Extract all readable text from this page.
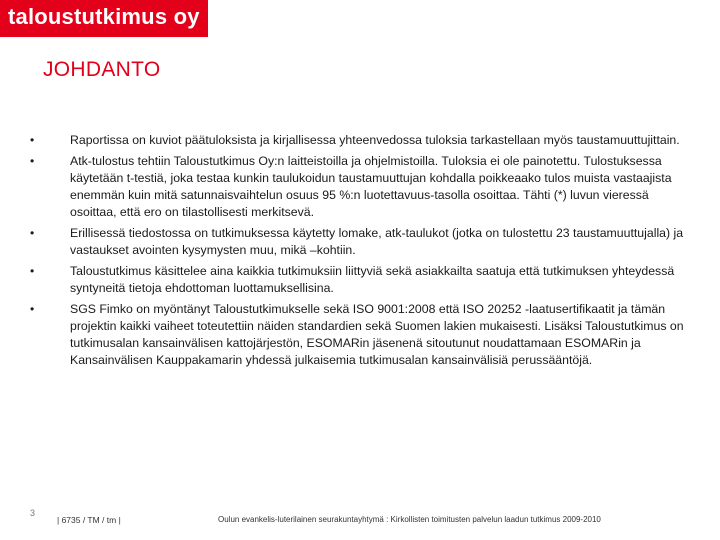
taloustutkimus oy
JOHDANTO
•	Raportissa on kuviot päätuloksista ja kirjallisessa yhteenvedossa tuloksia tarkastellaan myös taustamuuttujittain.
•	Atk-tulostus tehtiin Taloustutkimus Oy:n laitteistoilla ja ohjelmistoilla. Tuloksia ei ole painotettu. Tulostuksessa käytetään t-testiä, joka testaa kunkin taulukoidun taustamuuttujan kohdalla poikkeaako tulos muista vastaajista enemmän kuin mitä satunnaisvaihtelun osuus 95 %:n luotettavuus-tasolla osoittaa. Tähti (*) luvun vieressä osoittaa, että ero on tilastollisesti merkitsevä.
•	Erillisessä tiedostossa on tutkimuksessa käytetty lomake, atk-taulukot (jotka on tulostettu 23 taustamuuttujalla) ja vastaukset avointen kysymysten muu, mikä –kohtiin.
•	Taloustutkimus käsittelee aina kaikkia tutkimuksiin liittyviä sekä asiakkailta saatuja että tutkimuksen yhteydessä syntyneitä tietoja ehdottoman luottamuksellisina.
•	SGS Fimko on myöntänyt Taloustutkimukselle sekä ISO 9001:2008 että ISO 20252 -laatusertifikaatit ja tämän projektin kaikki vaiheet toteutettiin näiden standardien sekä Suomen lakien mukaisesti. Lisäksi Taloustutkimus on tutkimusalan kansainvälisen kattojärjestön, ESOMARin jäsenenä sitoutunut noudattamaan ESOMARin ja Kansainvälisen Kauppakamarin yhdessä julkaisemia tutkimusalan kansainvälisiä perussääntöjä.
3
| 6735 / TM / tm |	Oulun evankelis-luterilainen seurakuntayhtymä : Kirkollisten toimitusten palvelun laadun tutkimus 2009-2010
